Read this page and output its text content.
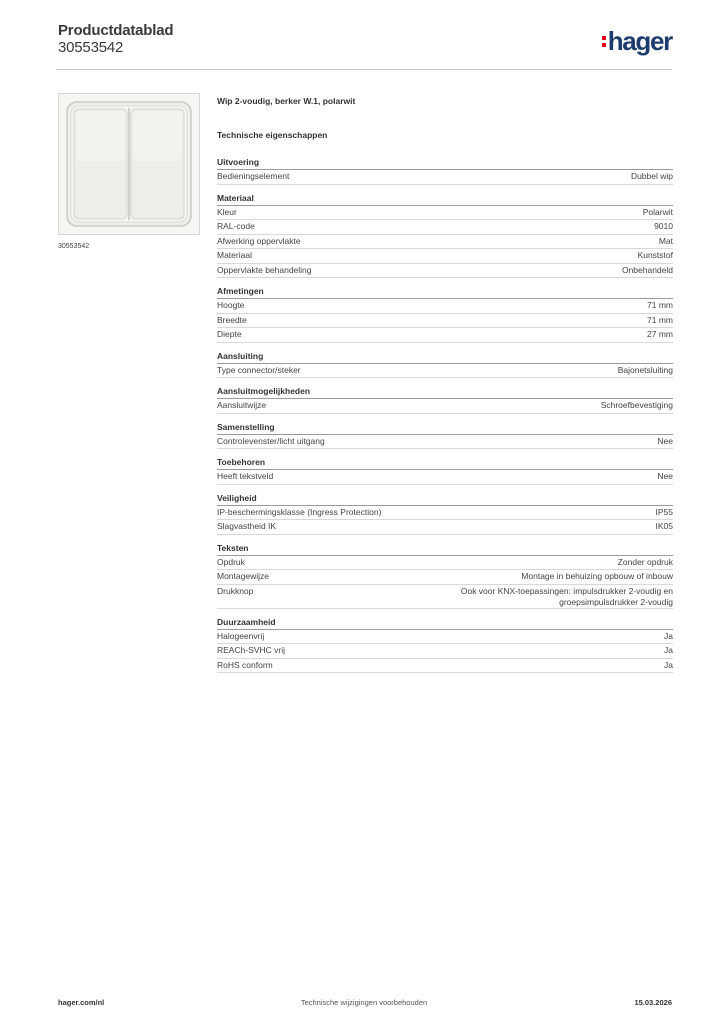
Productdatablad
30553542	hager
30553542
Wip 2-voudig, berker W.1, polarwit
Technische eigenschappen
Uitvoering
Bedieningselement	Dubbel wip
Materiaal
Kleur	Polarwit
RAL-code	9010
Afwerking oppervlakte	Mat
Materiaal	Kunststof
Oppervlakte behandeling	Onbehandeld
Afmetingen
Hoogte	71 mm
Breedte	71 mm
Diepte	27 mm
Aansluiting
Type connector/steker	Bajonetsluiting
Aansluitmogelijkheden
Aansluitwijze	Schroefbevestiging
Samenstelling
Controlevenster/licht uitgang	Nee
Toebehoren
Heeft tekstveld	Nee
Veiligheid
IP-beschermingsklasse (Ingress Protection)	IP55
Slagvastheid IK	IK05
Teksten
Opdruk	Zonder opdruk
Montagewijze	Montage in behuizing opbouw of inbouw
Drukknop	Ook voor KNX-toepassingen: impulsdrukker 2-voudig en groepsimpulsdrukker 2-voudig
Duurzaamheid
Halogeenvrij	Ja
REACh-SVHC vrij	Ja
RoHS conform	Ja
hager.com/nl	Technische wijzigingen voorbehouden	15.03.2026
